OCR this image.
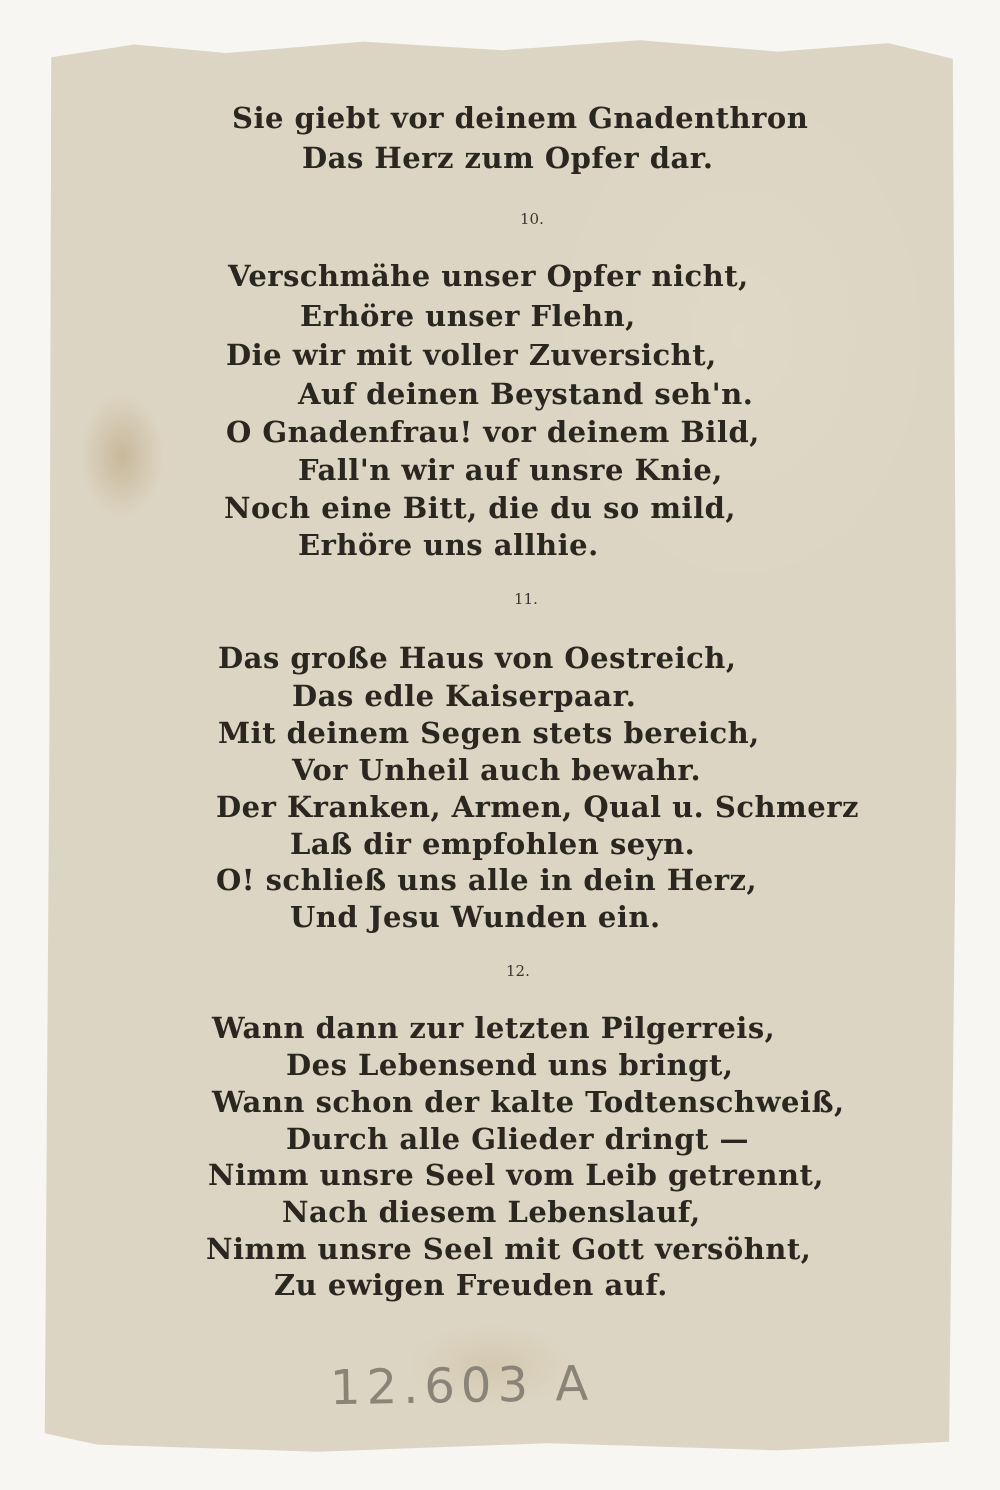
Sie giebt vor deinem Gnadenthron
Das Herz zum Opfer dar.
10.
Verschmähe unser Opfer nicht,
Erhöre unser Flehn,
Die wir mit voller Zuversicht,
Auf deinen Beystand seh'n.
O Gnadenfrau! vor deinem Bild,
Fall'n wir auf unsre Knie,
Noch eine Bitt, die du so mild,
Erhöre uns allhie.
11.
Das große Haus von Oestreich,
Das edle Kaiserpaar.
Mit deinem Segen stets bereich,
Vor Unheil auch bewahr.
Der Kranken, Armen, Qual u. Schmerz
Laß dir empfohlen seyn.
O! schließ uns alle in dein Herz,
Und Jesu Wunden ein.
12.
Wann dann zur letzten Pilgerreis,
Des Lebensend uns bringt,
Wann schon der kalte Todtenschweiß,
Durch alle Glieder dringt —
Nimm unsre Seel vom Leib getrennt,
Nach diesem Lebenslauf,
Nimm unsre Seel mit Gott versöhnt,
Zu ewigen Freuden auf.
12.603 A
